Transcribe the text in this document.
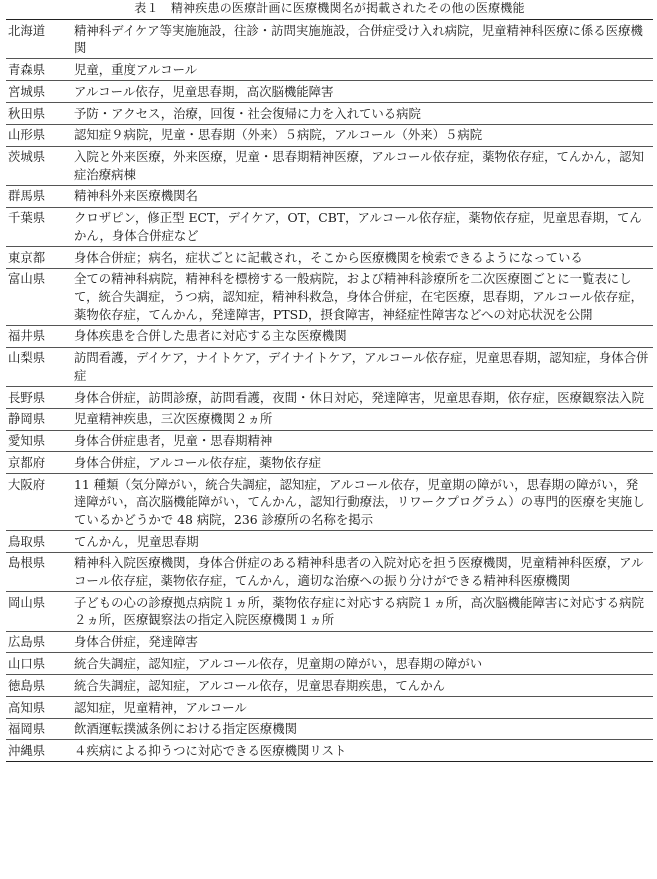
表１　精神疾患の医療計画に医療機関名が掲載されたその他の医療機能
北海道	精神科デイケア等実施施設，往診・訪問実施施設，合併症受け入れ病院，児童精神科医療に係る医療機関
青森県	児童，重度アルコール
宮城県	アルコール依存，児童思春期，高次脳機能障害
秋田県	予防・アクセス，治療，回復・社会復帰に力を入れている病院
山形県	認知症９病院，児童・思春期（外来）５病院，アルコール（外来）５病院
茨城県	入院と外来医療，外来医療，児童・思春期精神医療，アルコール依存症，薬物依存症，てんかん，認知症治療病棟
群馬県	精神科外来医療機関名
千葉県	クロザピン，修正型 ECT，デイケア，OT，CBT，アルコール依存症，薬物依存症，児童思春期，てんかん，身体合併症など
東京都	身体合併症；病名，症状ごとに記載され，そこから医療機関を検索できるようになっている
富山県	全ての精神科病院，精神科を標榜する一般病院，および精神科診療所を二次医療圏ごとに一覧表にして，統合失調症，うつ病，認知症，精神科救急，身体合併症，在宅医療，思春期，アルコール依存症，薬物依存症，てんかん，発達障害，PTSD，摂食障害，神経症性障害などへの対応状況を公開
福井県	身体疾患を合併した患者に対応する主な医療機関
山梨県	訪問看護，デイケア，ナイトケア，デイナイトケア，アルコール依存症，児童思春期，認知症，身体合併症
長野県	身体合併症，訪問診療，訪問看護，夜間・休日対応，発達障害，児童思春期，依存症，医療観察法入院
静岡県	児童精神疾患，三次医療機関２ヵ所
愛知県	身体合併症患者，児童・思春期精神
京都府	身体合併症，アルコール依存症，薬物依存症
大阪府	11 種類（気分障がい，統合失調症，認知症，アルコール依存，児童期の障がい，思春期の障がい，発達障がい，高次脳機能障がい，てんかん，認知行動療法，リワークプログラム）の専門的医療を実施しているかどうかで 48 病院，236 診療所の名称を掲示
鳥取県	てんかん，児童思春期
島根県	精神科入院医療機関，身体合併症のある精神科患者の入院対応を担う医療機関，児童精神科医療，アルコール依存症，薬物依存症，てんかん，適切な治療への振り分けができる精神科医療機関
岡山県	子どもの心の診療拠点病院１ヵ所，薬物依存症に対応する病院１ヵ所，高次脳機能障害に対応する病院２ヵ所，医療観察法の指定入院医療機関１ヵ所
広島県	身体合併症，発達障害
山口県	統合失調症，認知症，アルコール依存，児童期の障がい，思春期の障がい
徳島県	統合失調症，認知症，アルコール依存，児童思春期疾患，てんかん
高知県	認知症，児童精神，アルコール
福岡県	飲酒運転撲滅条例における指定医療機関
沖縄県	４疾病による抑うつに対応できる医療機関リスト
